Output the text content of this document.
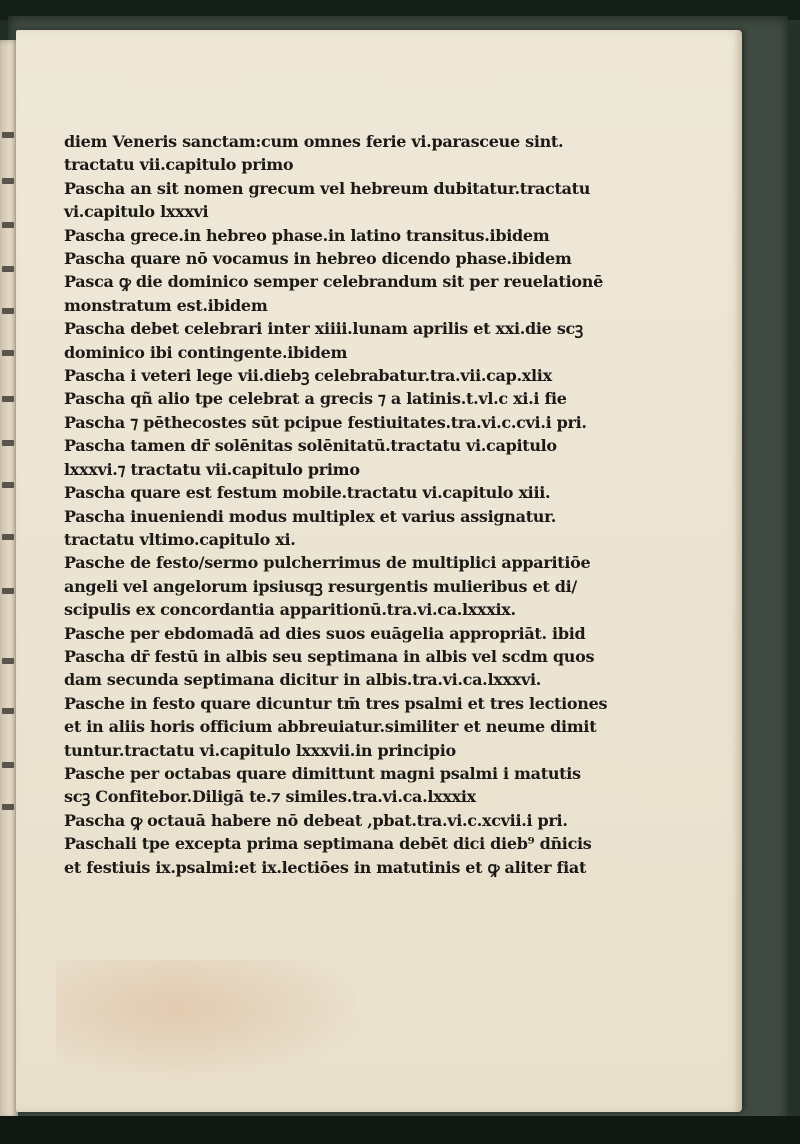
diem Veneris sanctam:cum omnes ferie vi.parasceue sint.
tractatu vii.capitulo primo
Pascha an sit nomen grecum vel hebreum dubitatur.tractatu
vi.capitulo lxxxvi
Pascha grece.in hebreo phase.in latino transitus.ibidem
Pascha quare nō vocamus in hebreo dicendo phase.ibidem
Pasca ꝙ die dominico semper celebrandum sit per reuelationē
monstratum est.ibidem
Pascha debet celebrari inter xiiii.lunam aprilis et xxi.die scꝫ
dominico ibi contingente.ibidem
Pascha i veteri lege vii.diebꝫ celebrabatur.tra.vii.cap.xlix
Pascha qñ alio tpe celebrat a grecis ⁊ a latinis.t.vl.c xi.i fie
Pascha ⁊ pēthecostes sūt pcipue festiuitates.tra.vi.c.cvi.i pri.
Pascha tamen dr̄ solēnitas solēnitatū.tractatu vi.capitulo
lxxxvi.⁊ tractatu vii.capitulo primo
Pascha quare est festum mobile.tractatu vi.capitulo xiii.
Pascha inueniendi modus multiplex et varius assignatur.
tractatu vltimo.capitulo xi.
Pasche de festo/sermo pulcherrimus de multiplici apparitiōe
angeli vel angelorum ipsiusqꝫ resurgentis mulieribus et di/
scipulis ex concordantia apparitionū.tra.vi.ca.lxxxix.
Pasche per ebdomadā ad dies suos euāgelia appropriāt. ibid
Pascha dr̄ festū in albis seu septimana in albis vel scdm quos
dam secunda septimana dicitur in albis.tra.vi.ca.lxxxvi.
Pasche in festo quare dicuntur tm̄ tres psalmi et tres lectiones
et in aliis horis officium abbreuiatur.similiter et neume dimit
tuntur.tractatu vi.capitulo lxxxvii.in principio
Pasche per octabas quare dimittunt magni psalmi i matutis
scꝫ Confitebor.Diligā te.⁊ similes.tra.vi.ca.lxxxix
Pascha ꝙ octauā habere nō debeat ,pbat.tra.vi.c.xcvii.i pri.
Paschali tpe excepta prima septimana debēt dici dieb⁹ dn̄icis
et festiuis ix.psalmi:et ix.lectiōes in matutinis et ꝙ aliter fiat
